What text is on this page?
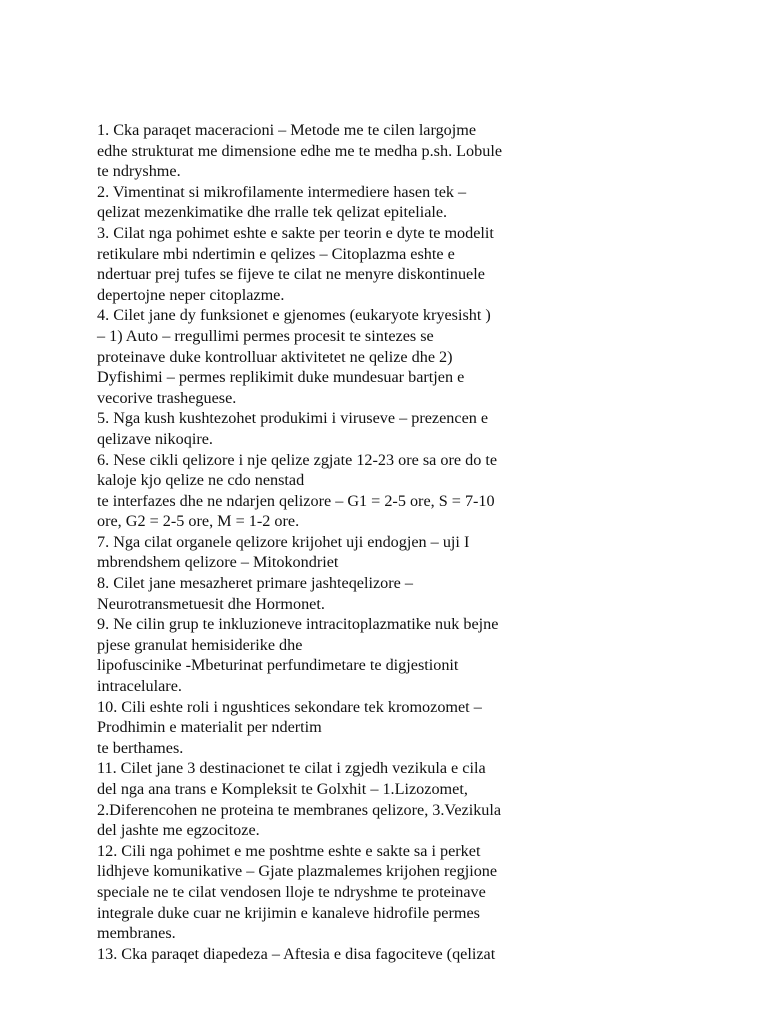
1. Cka paraqet maceracioni – Metode me te cilen largojme
edhe strukturat me dimensione edhe me te medha p.sh. Lobule
te ndryshme.
2. Vimentinat si mikrofilamente intermediere hasen tek –
qelizat mezenkimatike dhe rralle tek qelizat epiteliale.
3. Cilat nga pohimet eshte e sakte per teorin e dyte te modelit
retikulare mbi ndertimin e qelizes – Citoplazma eshte e
ndertuar prej tufes se fijeve te cilat ne menyre diskontinuele
depertojne neper citoplazme.
4. Cilet jane dy funksionet e gjenomes (eukaryote kryesisht )
– 1) Auto – rregullimi permes procesit te sintezes se
proteinave duke kontrolluar aktivitetet ne qelize dhe 2)
Dyfishimi – permes replikimit duke mundesuar bartjen e
vecorive trasheguese.
5. Nga kush kushtezohet produkimi i viruseve – prezencen e
qelizave nikoqire.
6. Nese cikli qelizore i nje qelize zgjate 12-23 ore sa ore do te
kaloje kjo qelize ne cdo nenstad
te interfazes dhe ne ndarjen qelizore – G1 = 2-5 ore, S = 7-10
ore, G2 = 2-5 ore, M = 1-2 ore.
7. Nga cilat organele qelizore krijohet uji endogjen – uji I
mbrendshem qelizore – Mitokondriet
8. Cilet jane mesazheret primare jashteqelizore –
Neurotransmetuesit dhe Hormonet.
9. Ne cilin grup te inkluzioneve intracitoplazmatike nuk bejne
pjese granulat hemisiderike dhe
lipofuscinike -Mbeturinat perfundimetare te digjestionit
intracelulare.
10. Cili eshte roli i ngushtices sekondare tek kromozomet –
Prodhimin e materialit per ndertim
te berthames.
11. Cilet jane 3 destinacionet te cilat i zgjedh vezikula e cila
del nga ana trans e Kompleksit te Golxhit – 1.Lizozomet,
2.Diferencohen ne proteina te membranes qelizore, 3.Vezikula
del jashte me egzocitoze.
12. Cili nga pohimet e me poshtme eshte e sakte sa i perket
lidhjeve komunikative – Gjate plazmalemes krijohen regjione
speciale ne te cilat vendosen lloje te ndryshme te proteinave
integrale duke cuar ne krijimin e kanaleve hidrofile permes
membranes.
13. Cka paraqet diapedeza – Aftesia e disa fagociteve (qelizat
